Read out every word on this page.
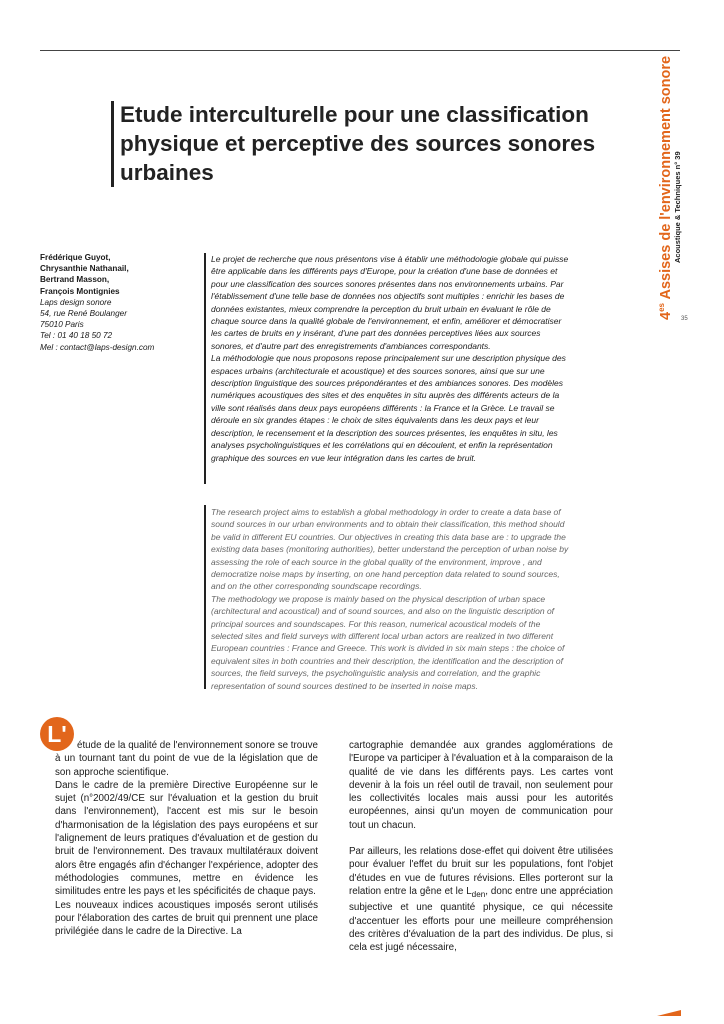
$4^{es}$ Assises de l'environnement sonore Acoustique & Techniques n° 39
35
Etude interculturelle pour une classification physique et perceptive des sources sonores urbaines
Frédérique Guyot,
Chrysanthie Nathanail,
Bertrand Masson,
François Montignies
Laps design sonore
54, rue René Boulanger
75010 Paris
Tel : 01 40 18 50 72
Mel : contact@laps-design.com

Le projet de recherche que nous présentons vise à établir une méthodologie globale qui puisse être applicable dans les différents pays d'Europe, pour la création d'une base de données et pour une classification des sources sonores présentes dans nos environnements urbains. Par l'établissement d'une telle base de données nos objectifs sont multiples : enrichir les bases de données existantes, mieux comprendre la perception du bruit urbain en évaluant le rôle de chaque source dans la qualité globale de l'environnement, et enfin, améliorer et démocratiser les cartes de bruits en y insérant, d'une part des données perceptives liées aux sources sonores, et d'autre part des enregistrements d'ambiances correspondants.

La méthodologie que nous proposons repose principalement sur une description physique des espaces urbains (architecturale et acoustique) et des sources sonores, ainsi que sur une description linguistique des sources prépondérantes et des ambiances sonores. Des modèles numériques acoustiques des sites et des enquêtes in situ auprès des différents acteurs de la ville sont réalisés dans deux pays européens différents : la France et la Grèce. Le travail se déroule en six grandes étapes : le choix de sites équivalents dans les deux pays et leur description, le recensement et la description des sources présentes, les enquêtes in situ, les analyses psycholinguistiques et les corrélations qui en découlent, et enfin la représentation graphique des sources en vue leur intégration dans les cartes de bruit.

The research project aims to establish a global methodology in order to create a data base of sound sources in our urban environments and to obtain their classification, this method should be valid in different EU countries. Our objectives in creating this data base are : to upgrade the existing data bases (monitoring authorities), better understand the perception of urban noise by assessing the role of each source in the global quality of the environment, improve , and democratize noise maps by inserting, on one hand perception data related to sound sources, and on the other corresponding soundscape recordings.

The methodology we propose is mainly based on the physical description of urban space (architectural and acoustical) and of sound sources, and also on the linguistic description of principal sources and soundscapes. For this reason, numerical acoustical models of the selected sites and field surveys with different local urban actors are realized in two different European countries : France and Greece. This work is divided in six main steps : the choice of equivalent sites in both countries and their description, the identification and the description of sources, the field surveys, the psycholinguistic analysis and correlation, and the graphic representation of sound sources destined to be inserted in noise maps.

L'	étude de la qualité de l'environnement sonore se trouve à un tournant tant du point de vue de la législation que de son approche scientifique.

Dans le cadre de la première Directive Européenne sur le sujet (n°2002/49/CE sur l'évaluation et la gestion du bruit dans l'environnement), l'accent est mis sur le besoin d'harmonisation de la législation des pays européens et sur l'alignement de leurs pratiques d'évaluation et de gestion du bruit de l'environnement. Des travaux multilatéraux doivent alors être engagés afin d'échanger l'expérience, adopter des méthodologies communes, mettre en évidence les similitudes entre les pays et les spécificités de chaque pays.

Les nouveaux indices acoustiques imposés seront utilisés pour l'élaboration des cartes de bruit qui prennent une place privilégiée dans le cadre de la Directive. La

cartographie demandée aux grandes agglomérations de l'Europe va participer à l'évaluation et à la comparaison de la qualité de vie dans les différents pays. Les cartes vont devenir à la fois un réel outil de travail, non seulement pour les collectivités locales mais aussi pour les autorités européennes, ainsi qu'un moyen de communication pour tout un chacun.

Par ailleurs, les relations dose-effet qui doivent être utilisées pour évaluer l'effet du bruit sur les populations, font l'objet d'études en vue de futures révisions. Elles porteront sur la relation entre la gêne et le $L_{den}$, donc entre une appréciation subjective et une quantité physique, ce qui nécessite d'accentuer les efforts pour une meilleure compréhension des critères d'évaluation de la part des individus. De plus, si cela est jugé nécessaire,
